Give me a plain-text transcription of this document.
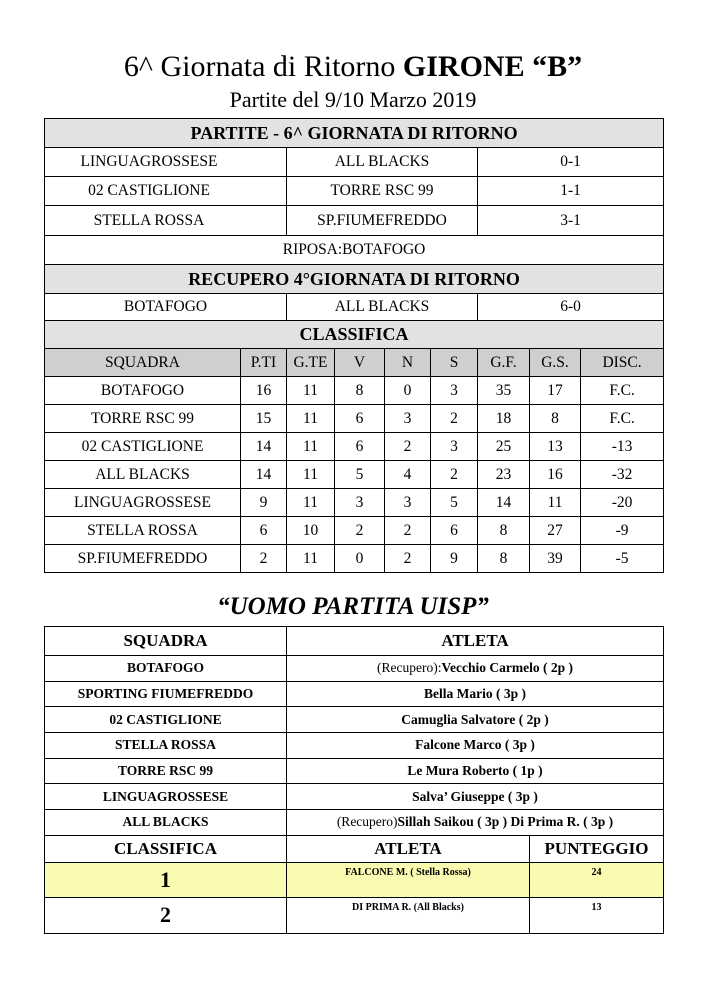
6^ Giornata di Ritorno GIRONE “B”
Partite del 9/10 Marzo 2019
PARTITE - 6^ GIORNATA DI RITORNO								

LINGUAGROSSESE		ALL BLACKS				0-1		

02 CASTIGLIONE		TORRE RSC 99				1-1		

STELLA ROSSA		SP.FIUMEFREDDO				3-1		
RIPOSA:BOTAFOGO								
RECUPERO 4°GIORNATA DI RITORNO								
BOTAFOGO		ALL BLACKS				6-0		
CLASSIFICA								
SQUADRA	P.TI	G.TE	V	N	S	G.F.	G.S.	DISC.
BOTAFOGO	16	11	8	0	3	35	17	F.C.
TORRE RSC 99	15	11	6	3	2	18	8	F.C.
02 CASTIGLIONE	14	11	6	2	3	25	13	-13
ALL BLACKS	14	11	5	4	2	23	16	-32
LINGUAGROSSESE	9	11	3	3	5	14	11	-20
STELLA ROSSA	6	10	2	2	6	8	27	-9
SP.FIUMEFREDDO	2	11	0	2	9	8	39	-5
“UOMO PARTITA UISP”
SQUADRA	ATLETA	
BOTAFOGO	(Recupero):Vecchio Carmelo ( 2p )	
SPORTING FIUMEFREDDO	Bella Mario ( 3p )	
02 CASTIGLIONE	Camuglia Salvatore ( 2p )	
STELLA ROSSA	Falcone Marco ( 3p )	
TORRE RSC 99	Le Mura Roberto ( 1p )	
LINGUAGROSSESE	Salva’ Giuseppe ( 3p )	
ALL BLACKS	(Recupero)Sillah Saikou ( 3p ) Di Prima R. ( 3p )	
CLASSIFICA	ATLETA	PUNTEGGIO
1	FALCONE M. ( Stella Rossa)	24
2	DI PRIMA R. (All Blacks)	13
